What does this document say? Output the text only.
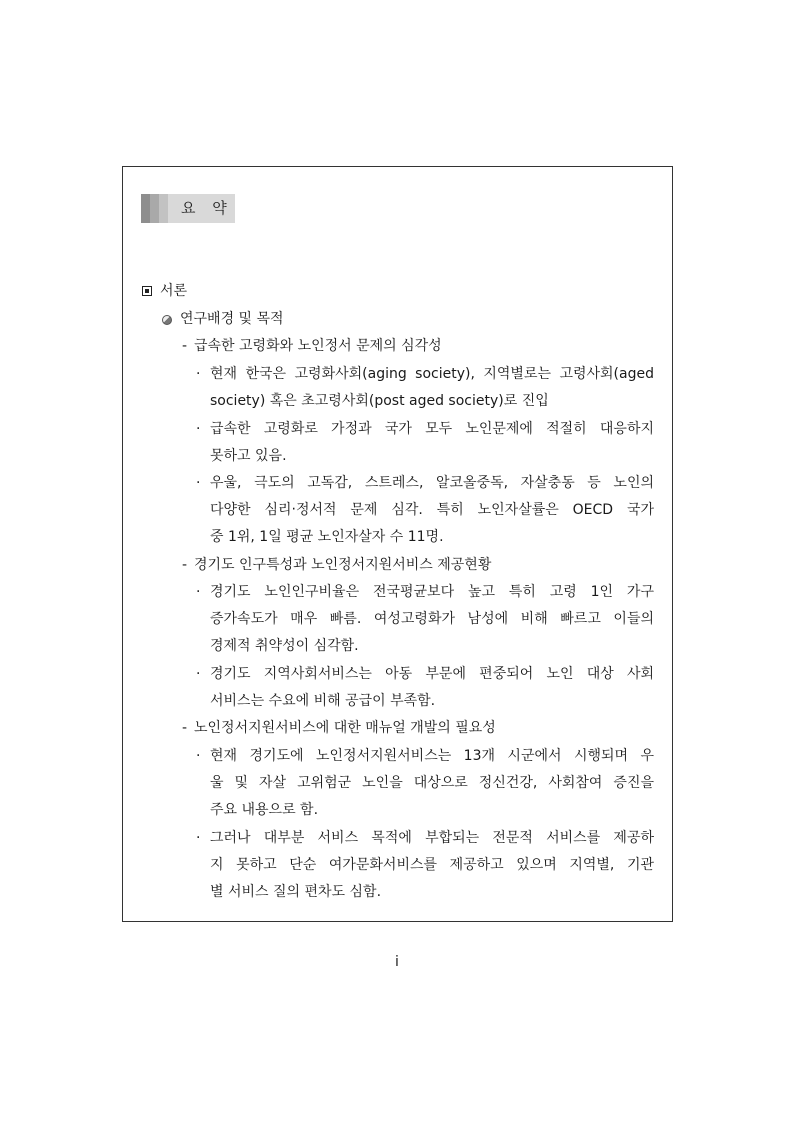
요 약
서론
연구배경 및 목적
- 급속한 고령화와 노인정서 문제의 심각성
· 현재 한국은 고령화사회(aging society), 지역별로는 고령사회(aged
society) 혹은 초고령사회(post aged society)로 진입
· 급속한 고령화로 가정과 국가 모두 노인문제에 적절히 대응하지
못하고 있음.
· 우울, 극도의 고독감, 스트레스, 알코올중독, 자살충동 등 노인의
다양한 심리‧정서적 문제 심각. 특히 노인자살률은 OECD 국가
중 1위, 1일 평균 노인자살자 수 11명.
- 경기도 인구특성과 노인정서지원서비스 제공현황
· 경기도 노인인구비율은 전국평균보다 높고 특히 고령 1인 가구
증가속도가 매우 빠름. 여성고령화가 남성에 비해 빠르고 이들의
경제적 취약성이 심각함.
· 경기도 지역사회서비스는 아동 부문에 편중되어 노인 대상 사회
서비스는 수요에 비해 공급이 부족함.
- 노인정서지원서비스에 대한 매뉴얼 개발의 필요성
· 현재 경기도에 노인정서지원서비스는 13개 시군에서 시행되며 우
울 및 자살 고위험군 노인을 대상으로 정신건강, 사회참여 증진을
주요 내용으로 함.
· 그러나 대부분 서비스 목적에 부합되는 전문적 서비스를 제공하
지 못하고 단순 여가문화서비스를 제공하고 있으며 지역별, 기관
별 서비스 질의 편차도 심함.
i
